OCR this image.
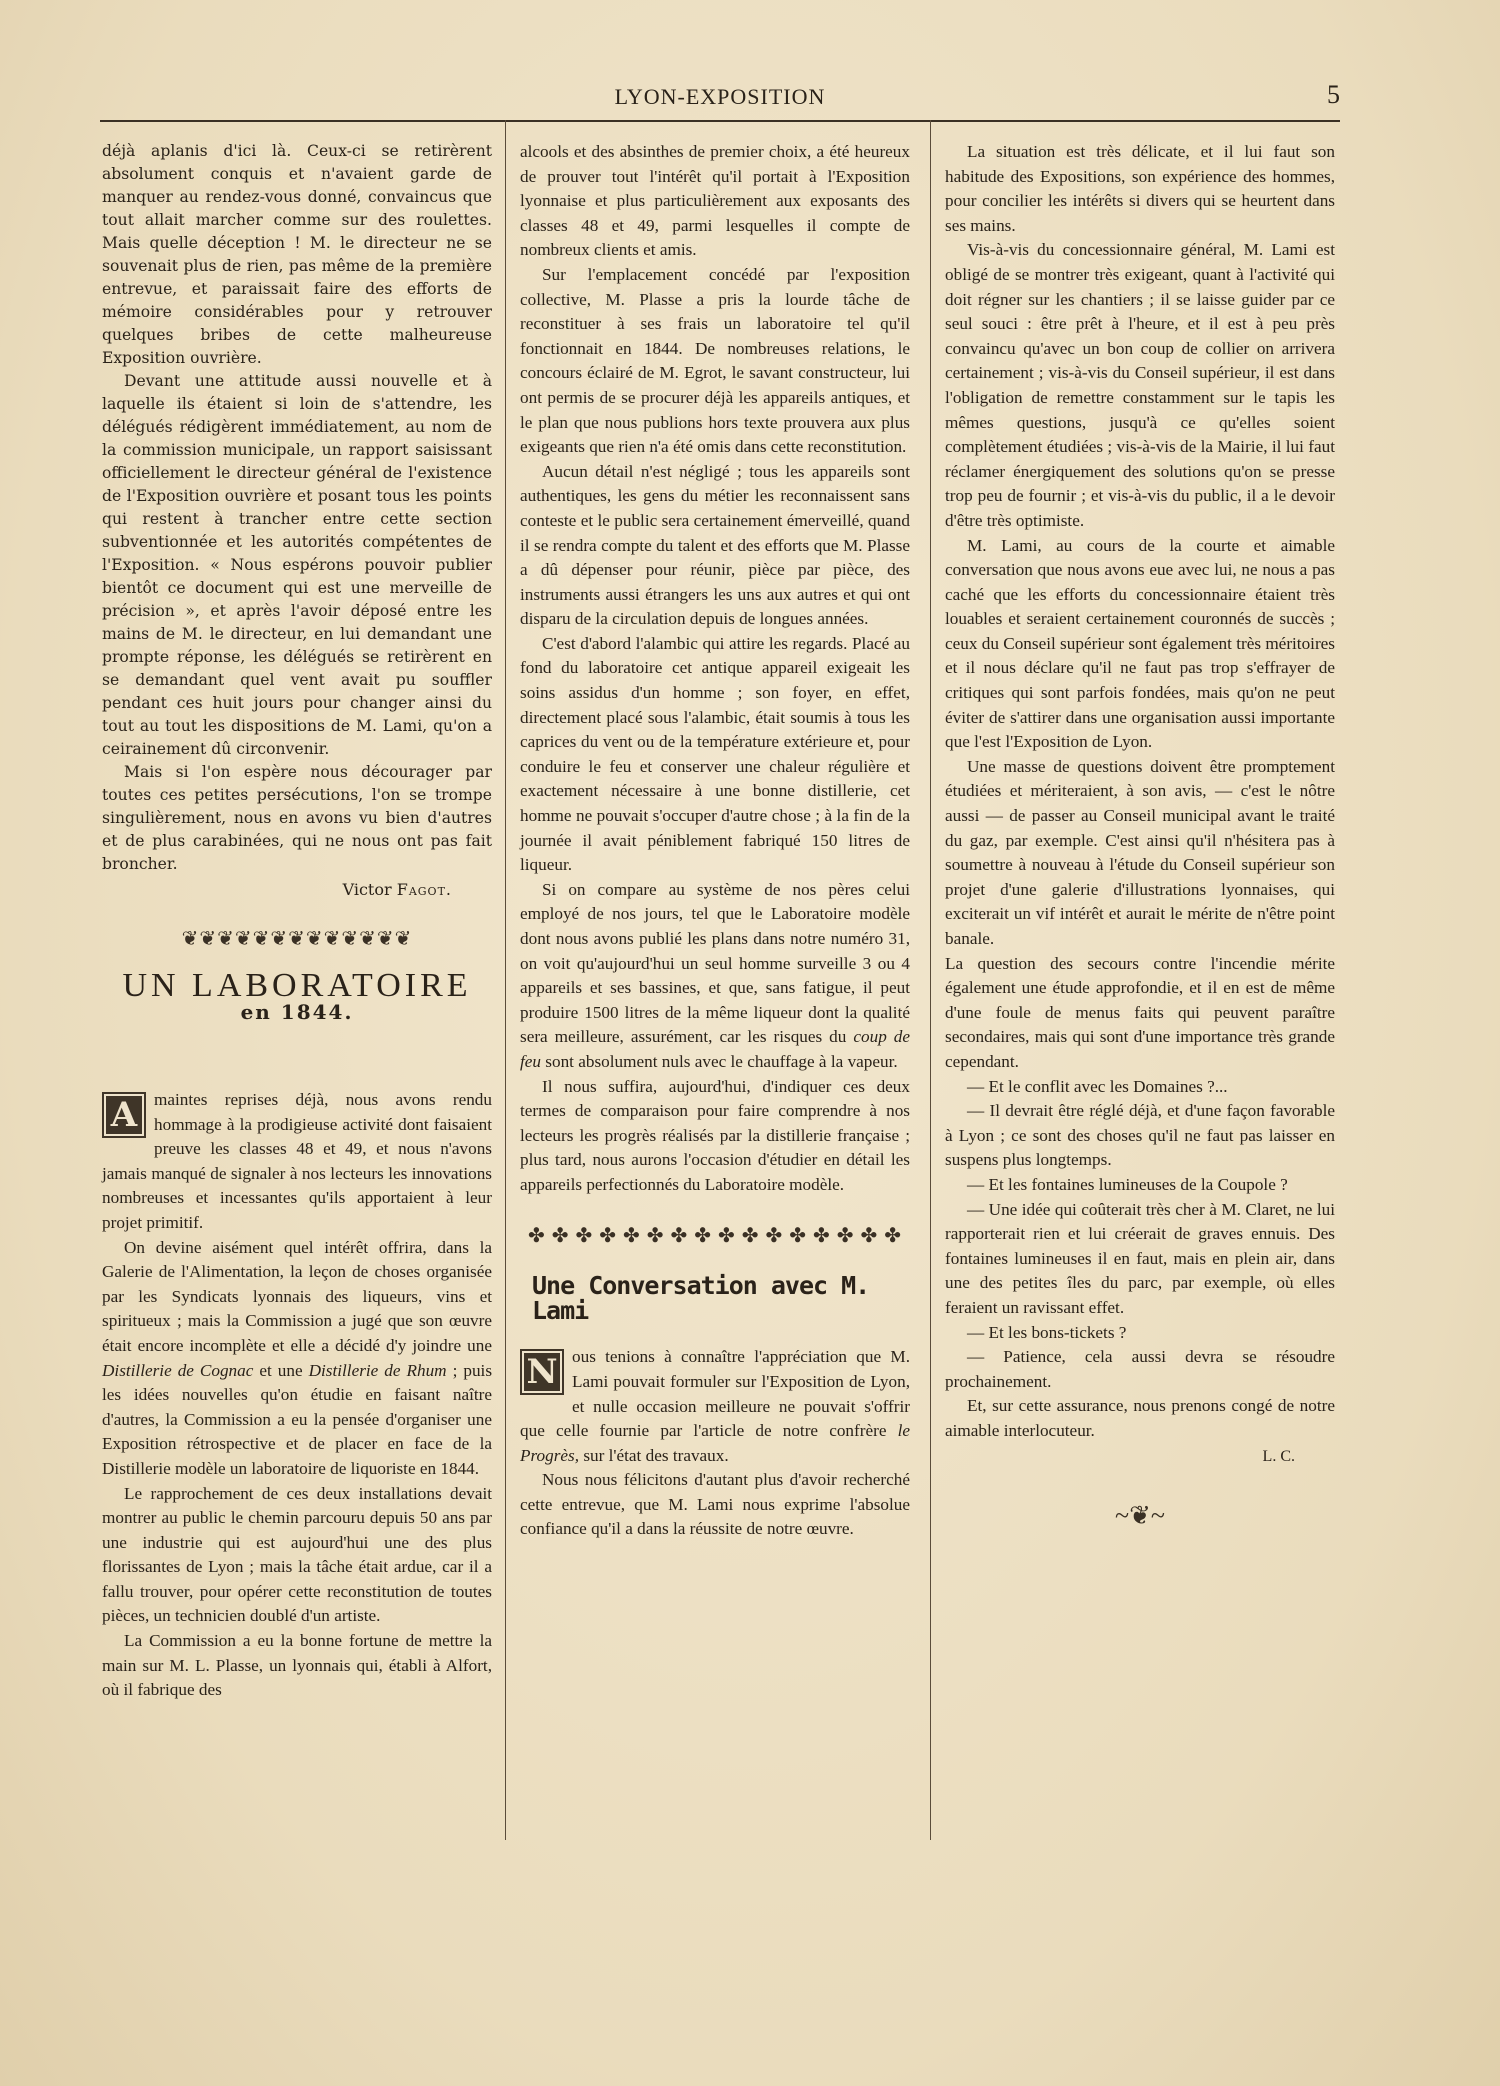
LYON-EXPOSITION	5

déjà aplanis d'ici là. Ceux-ci se retirèrent absolument conquis et n'avaient garde de manquer au rendez-vous donné, convaincus que tout allait marcher comme sur des roulettes. Mais quelle déception ! M. le directeur ne se souvenait plus de rien, pas même de la première entrevue, et paraissait faire des efforts de mémoire considérables pour y retrouver quelques bribes de cette malheureuse Exposition ouvrière.

Devant une attitude aussi nouvelle et à laquelle ils étaient si loin de s'attendre, les délégués rédigèrent immédiatement, au nom de la commission municipale, un rapport saisissant officiellement le directeur général de l'existence de l'Exposition ouvrière et posant tous les points qui restent à trancher entre cette section subventionnée et les autorités compétentes de l'Exposition. « Nous espérons pouvoir publier bientôt ce document qui est une merveille de précision », et après l'avoir déposé entre les mains de M. le directeur, en lui demandant une prompte réponse, les délégués se retirèrent en se demandant quel vent avait pu souffler pendant ces huit jours pour changer ainsi du tout au tout les dispositions de M. Lami, qu'on a ceirainement dû circonvenir.

Mais si l'on espère nous décourager par toutes ces petites persécutions, l'on se trompe singulièrement, nous en avons vu bien d'autres et de plus carabinées, qui ne nous ont pas fait broncher.

Victor Fagot.
❦❦❦❦❦❦❦❦❦❦❦❦❦
UN LABORATOIRE
en 1844.

A maintes reprises déjà, nous avons rendu hommage à la prodigieuse activité dont faisaient preuve les classes 48 et 49, et nous n'avons jamais manqué de signaler à nos lecteurs les innovations nombreuses et incessantes qu'ils apportaient à leur projet primitif.

On devine aisément quel intérêt offrira, dans la Galerie de l'Alimentation, la leçon de choses organisée par les Syndicats lyonnais des liqueurs, vins et spiritueux ; mais la Commission a jugé que son œuvre était encore incomplète et elle a décidé d'y joindre une Distillerie de Cognac et une Distillerie de Rhum ; puis les idées nouvelles qu'on étudie en faisant naître d'autres, la Commission a eu la pensée d'organiser une Exposition rétrospective et de placer en face de la Distillerie modèle un laboratoire de liquoriste en 1844.

Le rapprochement de ces deux installations devait montrer au public le chemin parcouru depuis 50 ans par une industrie qui est aujourd'hui une des plus florissantes de Lyon ; mais la tâche était ardue, car il a fallu trouver, pour opérer cette reconstitution de toutes pièces, un technicien doublé d'un artiste.

La Commission a eu la bonne fortune de mettre la main sur M. L. Plasse, un lyonnais qui, établi à Alfort, où il fabrique des

alcools et des absinthes de premier choix, a été heureux de prouver tout l'intérêt qu'il portait à l'Exposition lyonnaise et plus particulièrement aux exposants des classes 48 et 49, parmi lesquelles il compte de nombreux clients et amis.

Sur l'emplacement concédé par l'exposition collective, M. Plasse a pris la lourde tâche de reconstituer à ses frais un laboratoire tel qu'il fonctionnait en 1844. De nombreuses relations, le concours éclairé de M. Egrot, le savant constructeur, lui ont permis de se procurer déjà les appareils antiques, et le plan que nous publions hors texte prouvera aux plus exigeants que rien n'a été omis dans cette reconstitution.

Aucun détail n'est négligé ; tous les appareils sont authentiques, les gens du métier les reconnaissent sans conteste et le public sera certainement émerveillé, quand il se rendra compte du talent et des efforts que M. Plasse a dû dépenser pour réunir, pièce par pièce, des instruments aussi étrangers les uns aux autres et qui ont disparu de la circulation depuis de longues années.

C'est d'abord l'alambic qui attire les regards. Placé au fond du laboratoire cet antique appareil exigeait les soins assidus d'un homme ; son foyer, en effet, directement placé sous l'alambic, était soumis à tous les caprices du vent ou de la température extérieure et, pour conduire le feu et conserver une chaleur régulière et exactement nécessaire à une bonne distillerie, cet homme ne pouvait s'occuper d'autre chose ; à la fin de la journée il avait péniblement fabriqué 150 litres de liqueur.

Si on compare au système de nos pères celui employé de nos jours, tel que le Laboratoire modèle dont nous avons publié les plans dans notre numéro 31, on voit qu'aujourd'hui un seul homme surveille 3 ou 4 appareils et ses bassines, et que, sans fatigue, il peut produire 1500 litres de la même liqueur dont la qualité sera meilleure, assurément, car les risques du coup de feu sont absolument nuls avec le chauffage à la vapeur.

Il nous suffira, aujourd'hui, d'indiquer ces deux termes de comparaison pour faire comprendre à nos lecteurs les progrès réalisés par la distillerie française ; plus tard, nous aurons l'occasion d'étudier en détail les appareils perfectionnés du Laboratoire modèle.

✤ ✤ ✤ ✤ ✤ ✤ ✤ ✤ ✤ ✤ ✤ ✤ ✤ ✤ ✤ ✤
Une Conversation avec M. Lami

N ous tenions à connaître l'appréciation que M. Lami pouvait formuler sur l'Exposition de Lyon, et nulle occasion meilleure ne pouvait s'offrir que celle fournie par l'article de notre confrère le Progrès, sur l'état des travaux.

Nous nous félicitons d'autant plus d'avoir recherché cette entrevue, que M. Lami nous exprime l'absolue confiance qu'il a dans la réussite de notre œuvre.

La situation est très délicate, et il lui faut son habitude des Expositions, son expérience des hommes, pour concilier les intérêts si divers qui se heurtent dans ses mains.

Vis-à-vis du concessionnaire général, M. Lami est obligé de se montrer très exigeant, quant à l'activité qui doit régner sur les chantiers ; il se laisse guider par ce seul souci : être prêt à l'heure, et il est à peu près convaincu qu'avec un bon coup de collier on arrivera certainement ; vis-à-vis du Conseil supérieur, il est dans l'obligation de remettre constamment sur le tapis les mêmes questions, jusqu'à ce qu'elles soient complètement étudiées ; vis-à-vis de la Mairie, il lui faut réclamer énergiquement des solutions qu'on se presse trop peu de fournir ; et vis-à-vis du public, il a le devoir d'être très optimiste.

M. Lami, au cours de la courte et aimable conversation que nous avons eue avec lui, ne nous a pas caché que les efforts du concessionnaire étaient très louables et seraient certainement couronnés de succès ; ceux du Conseil supérieur sont également très méritoires et il nous déclare qu'il ne faut pas trop s'effrayer de critiques qui sont parfois fondées, mais qu'on ne peut éviter de s'attirer dans une organisation aussi importante que l'est l'Exposition de Lyon.

Une masse de questions doivent être promptement étudiées et mériteraient, à son avis, — c'est le nôtre aussi — de passer au Conseil municipal avant le traité du gaz, par exemple. C'est ainsi qu'il n'hésitera pas à soumettre à nouveau à l'étude du Conseil supérieur son projet d'une galerie d'illustrations lyonnaises, qui exciterait un vif intérêt et aurait le mérite de n'être point banale.

La question des secours contre l'incendie mérite également une étude approfondie, et il en est de même d'une foule de menus faits qui peuvent paraître secondaires, mais qui sont d'une importance très grande cependant.

— Et le conflit avec les Domaines ?...

— Il devrait être réglé déjà, et d'une façon favorable à Lyon ; ce sont des choses qu'il ne faut pas laisser en suspens plus longtemps.

— Et les fontaines lumineuses de la Coupole ?

— Une idée qui coûterait très cher à M. Claret, ne lui rapporterait rien et lui créerait de graves ennuis. Des fontaines lumineuses il en faut, mais en plein air, dans une des petites îles du parc, par exemple, où elles feraient un ravissant effet.

— Et les bons-tickets ?

— Patience, cela aussi devra se résoudre prochainement.

Et, sur cette assurance, nous prenons congé de notre aimable interlocuteur.

L. C.
~❦~
